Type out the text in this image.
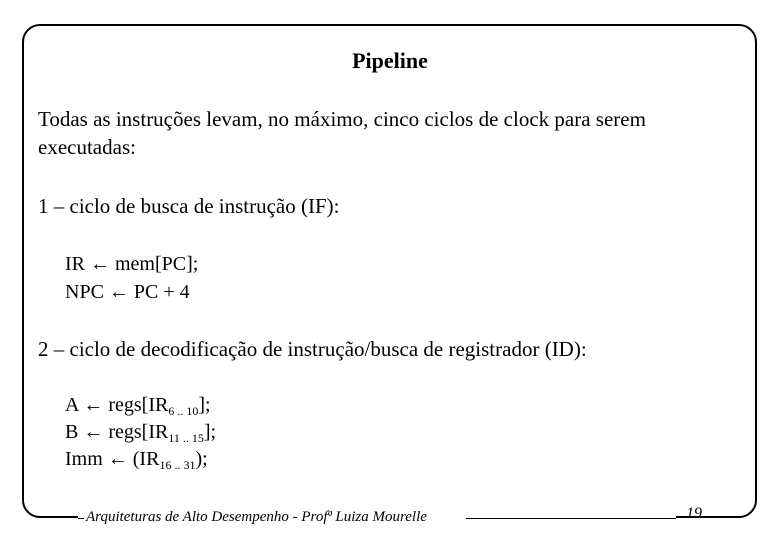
Pipeline
Todas as instruções levam, no máximo, cinco ciclos de clock para serem
executadas:
1 – ciclo de busca de instrução (IF):
IR ← mem[PC];
NPC ← PC + 4
2 – ciclo de decodificação de instrução/busca de registrador (ID):
A ← $regs[IR_{6 .. 10}]$;
B ← $regs[IR_{11 .. 15}]$;
Imm ← $(IR_{16 .. 31})$;
Arquiteturas de Alto Desempenho - Profª Luiza Mourelle	19
